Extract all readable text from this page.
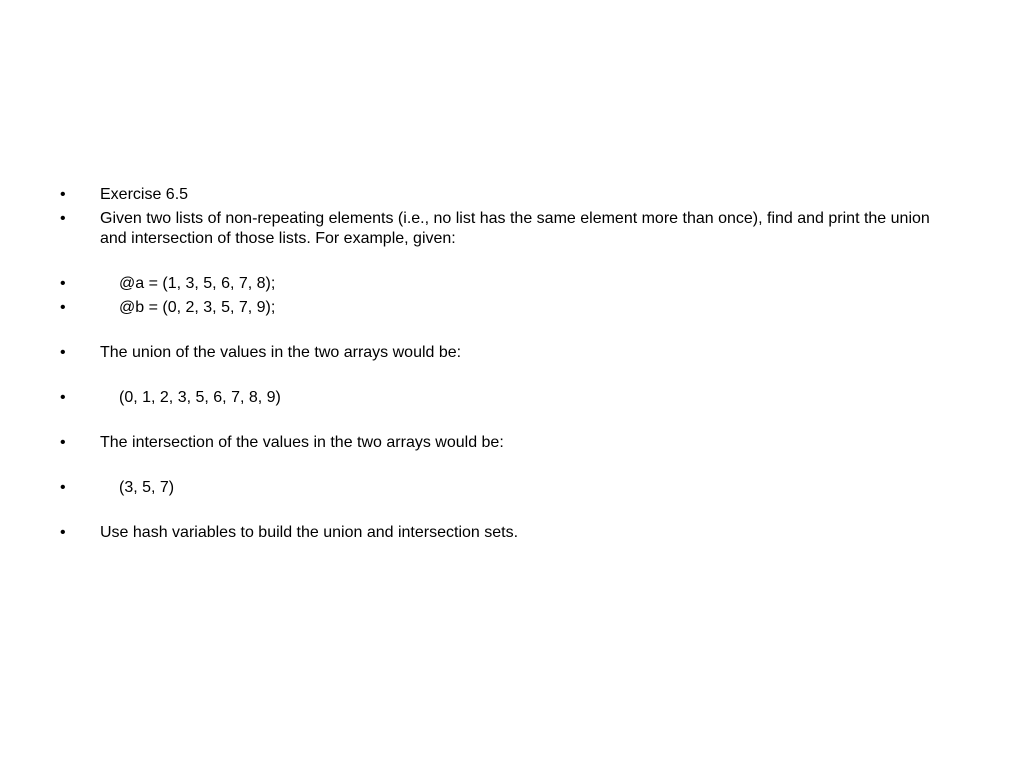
•	Exercise 6.5
•	Given two lists of non-repeating elements (i.e., no list has the same element more than once), find and print the union and intersection of those lists. For example, given:
•	@a = (1, 3, 5, 6, 7, 8);
•	@b = (0, 2, 3, 5, 7, 9);
•	The union of the values in the two arrays would be:
•	(0, 1, 2, 3, 5, 6, 7, 8, 9)
•	The intersection of the values in the two arrays would be:
•	(3, 5, 7)
•	Use hash variables to build the union and intersection sets.
